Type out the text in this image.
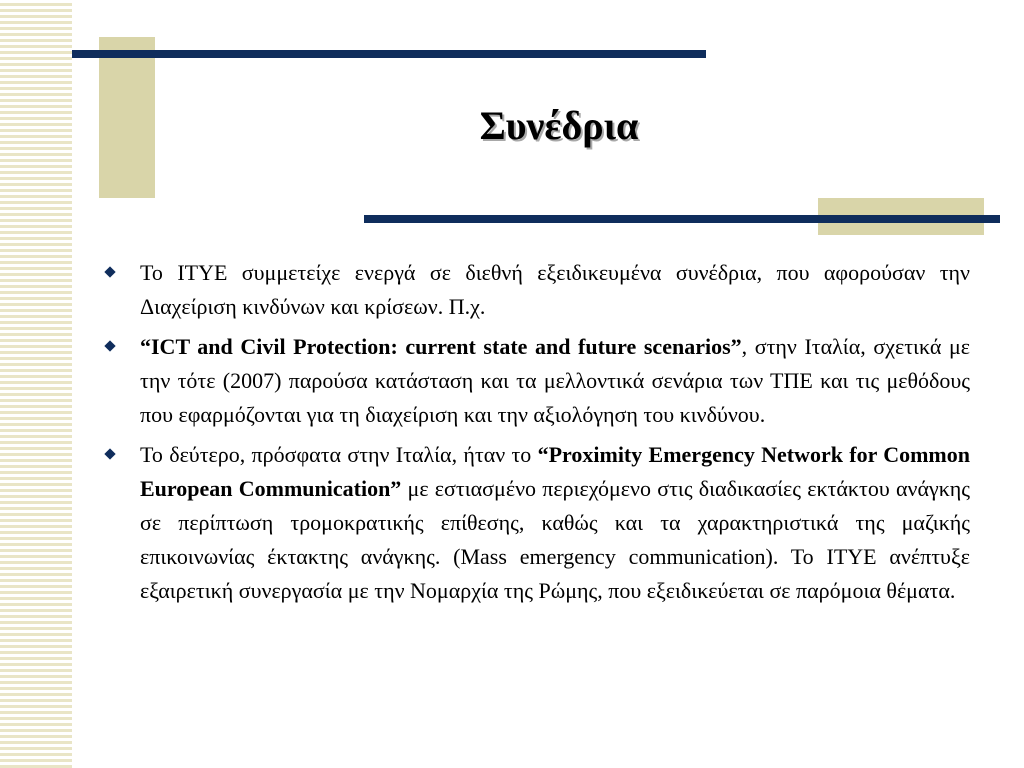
Συνέδρια
Το ΙΤΥΕ συμμετείχε ενεργά σε διεθνή εξειδικευμένα συνέδρια, που αφορούσαν την Διαχείριση κινδύνων και κρίσεων. Π.χ.
“ICT and Civil Protection: current state and future scenarios”, στην Ιταλία, σχετικά με την τότε (2007) παρούσα κατάσταση και τα μελλοντικά σενάρια των ΤΠΕ και τις μεθόδους που εφαρμόζονται για τη διαχείριση και την αξιολόγηση του κινδύνου.
Το δεύτερο, πρόσφατα στην Ιταλία, ήταν το “Proximity Emergency Network for Common European Communication” με εστιασμένο περιεχόμενο στις διαδικασίες εκτάκτου ανάγκης σε περίπτωση τρομοκρατικής επίθεσης, καθώς και τα χαρακτηριστικά της μαζικής επικοινωνίας έκτακτης ανάγκης. (Mass emergency communication). Το ΙΤΥΕ ανέπτυξε εξαιρετική συνεργασία με την Νομαρχία της Ρώμης, που εξειδικεύεται σε παρόμοια θέματα.
